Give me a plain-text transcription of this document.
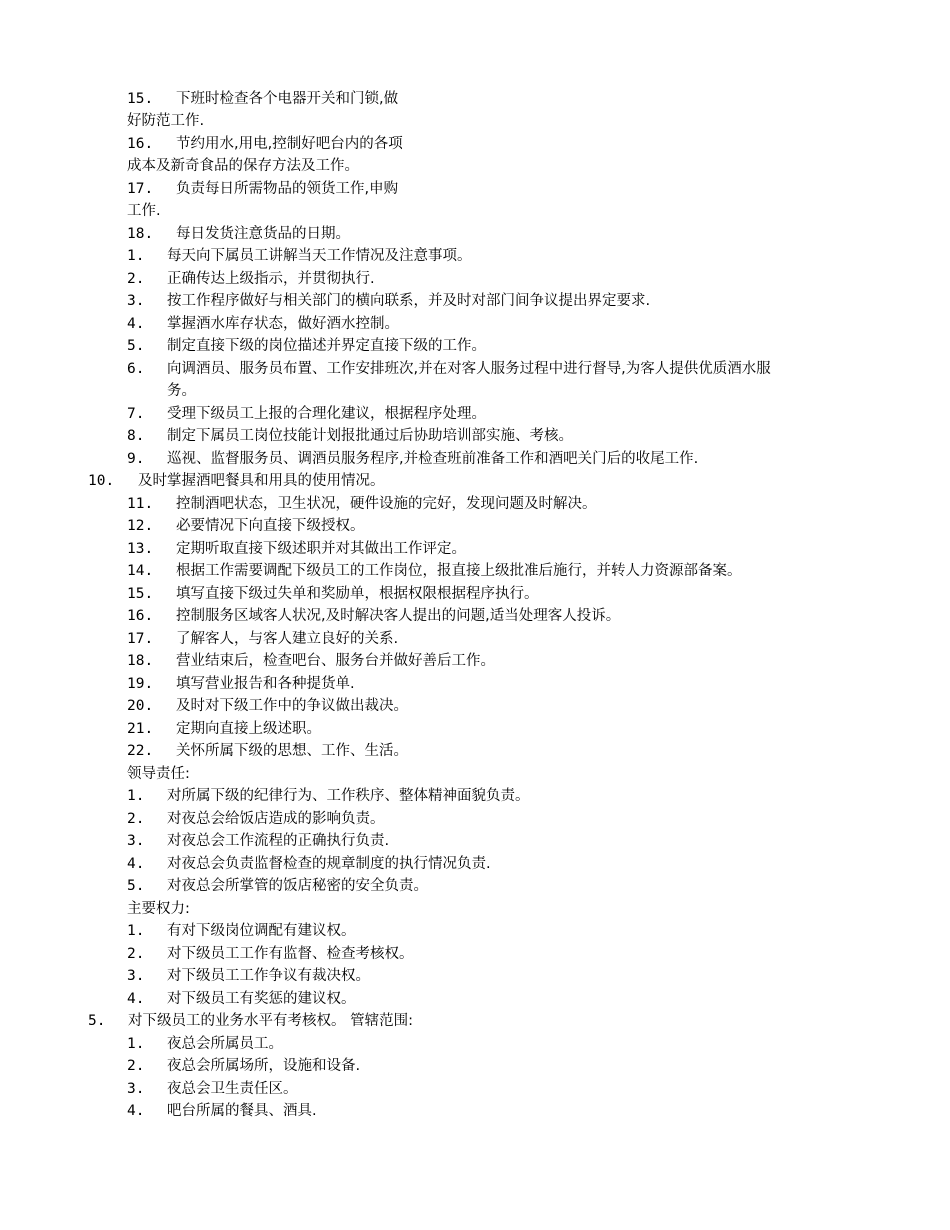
15. 下班时检查各个电器开关和门锁,做
好防范工作.
16. 节约用水,用电,控制好吧台内的各项
成本及新奇食品的保存方法及工作。
17. 负责每日所需物品的领货工作,申购
工作.
18. 每日发货注意货品的日期。
1. 每天向下属员工讲解当天工作情况及注意事项。
2. 正确传达上级指示，并贯彻执行.
3. 按工作程序做好与相关部门的横向联系，并及时对部门间争议提出界定要求.
4. 掌握酒水库存状态，做好酒水控制。
5. 制定直接下级的岗位描述并界定直接下级的工作。
6. 向调酒员、服务员布置、工作安排班次,并在对客人服务过程中进行督导,为客人提供优质酒水服
务。
7. 受理下级员工上报的合理化建议，根据程序处理。
8. 制定下属员工岗位技能计划报批通过后协助培训部实施、考核。
9. 巡视、监督服务员、调酒员服务程序,并检查班前准备工作和酒吧关门后的收尾工作.
10. 及时掌握酒吧餐具和用具的使用情况。
11. 控制酒吧状态，卫生状况，硬件设施的完好，发现问题及时解决。
12. 必要情况下向直接下级授权。
13. 定期听取直接下级述职并对其做出工作评定。
14. 根据工作需要调配下级员工的工作岗位，报直接上级批准后施行，并转人力资源部备案。
15. 填写直接下级过失单和奖励单，根据权限根据程序执行。
16. 控制服务区域客人状况,及时解决客人提出的问题,适当处理客人投诉。
17. 了解客人，与客人建立良好的关系.
18. 营业结束后，检查吧台、服务台并做好善后工作。
19. 填写营业报告和各种提货单.
20. 及时对下级工作中的争议做出裁决。
21. 定期向直接上级述职。
22. 关怀所属下级的思想、工作、生活。
领导责任:
1. 对所属下级的纪律行为、工作秩序、整体精神面貌负责。
2. 对夜总会给饭店造成的影响负责。
3. 对夜总会工作流程的正确执行负责.
4. 对夜总会负责监督检查的规章制度的执行情况负责.
5. 对夜总会所掌管的饭店秘密的安全负责。
主要权力:
1. 有对下级岗位调配有建议权。
2. 对下级员工工作有监督、检查考核权。
3. 对下级员工工作争议有裁决权。
4. 对下级员工有奖惩的建议权。
5. 对下级员工的业务水平有考核权。 管辖范围:
1. 夜总会所属员工。
2. 夜总会所属场所，设施和设备.
3. 夜总会卫生责任区。
4. 吧台所属的餐具、酒具.
